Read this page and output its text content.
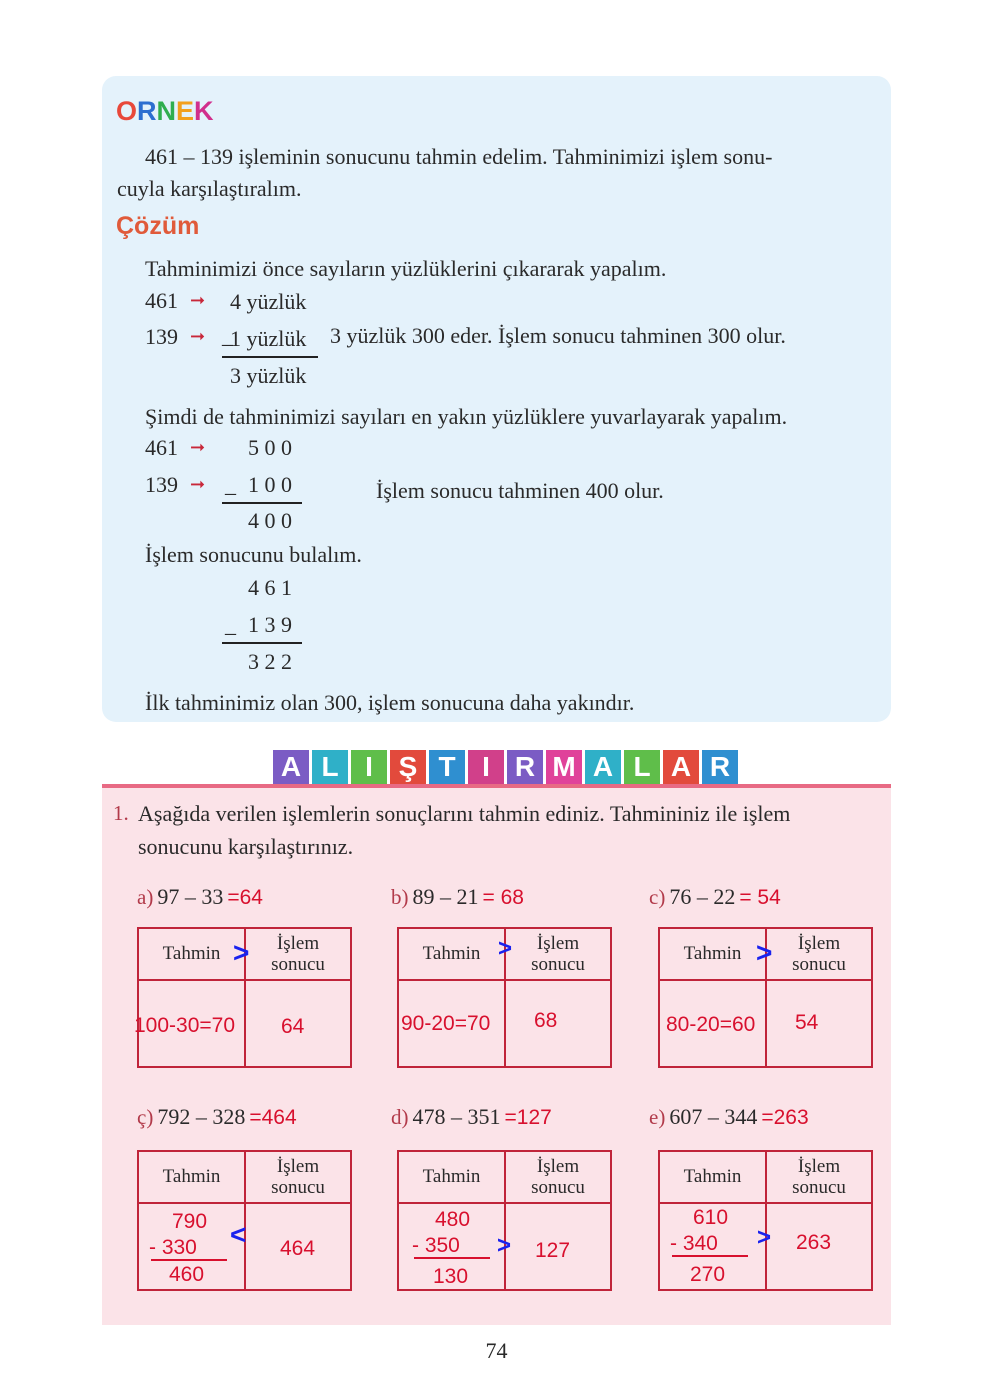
ORNEK
461 – 139 işleminin sonucunu tahmin edelim. Tahminimizi işlem sonu-
cuyla karşılaştıralım.
Çözüm
Tahminimizi önce sayıların yüzlüklerini çıkararak yapalım.
461 ➞ 4 yüzlük
139 ➞ _
1 yüzlük
3 yüzlük
3 yüzlük 300 eder. İşlem sonucu tahminen 300 olur.
Şimdi de tahminimizi sayıları en yakın yüzlüklere yuvarlayarak yapalım.
461 ➞ 5 0 0
139 ➞ _ 1 0 0
4 0 0
İşlem sonucu tahminen 400 olur.
İşlem sonucunu bulalım.
4 6 1
_ 1 3 9
3 2 2
İlk tahminimiz olan 300, işlem sonucuna daha yakındır.
A L I Ş T I R M A L A R
1. Aşağıda verilen işlemlerin sonuçlarını tahmin ediniz. Tahmininiz ile işlem
sonucunu karşılaştırınız.
a) 97 – 33 =64	b) 89 – 21 = 68	c) 76 – 22 = 54
Tahmin	İşlem
sonucu
>
100-30=70 64
Tahmin	İşlem
sonucu
>
90-20=70 68
Tahmin	İşlem
sonucu
>
80-20=60 54
ç) 792 – 328 =464	d) 478 – 351 =127	e) 607 – 344 =263
Tahmin	İşlem
sonucu
790
- 330
460
< 464
Tahmin	İşlem
sonucu
480
- 350
130
> 127
Tahmin	İşlem
sonucu
610
- 340
270
> 263
74
